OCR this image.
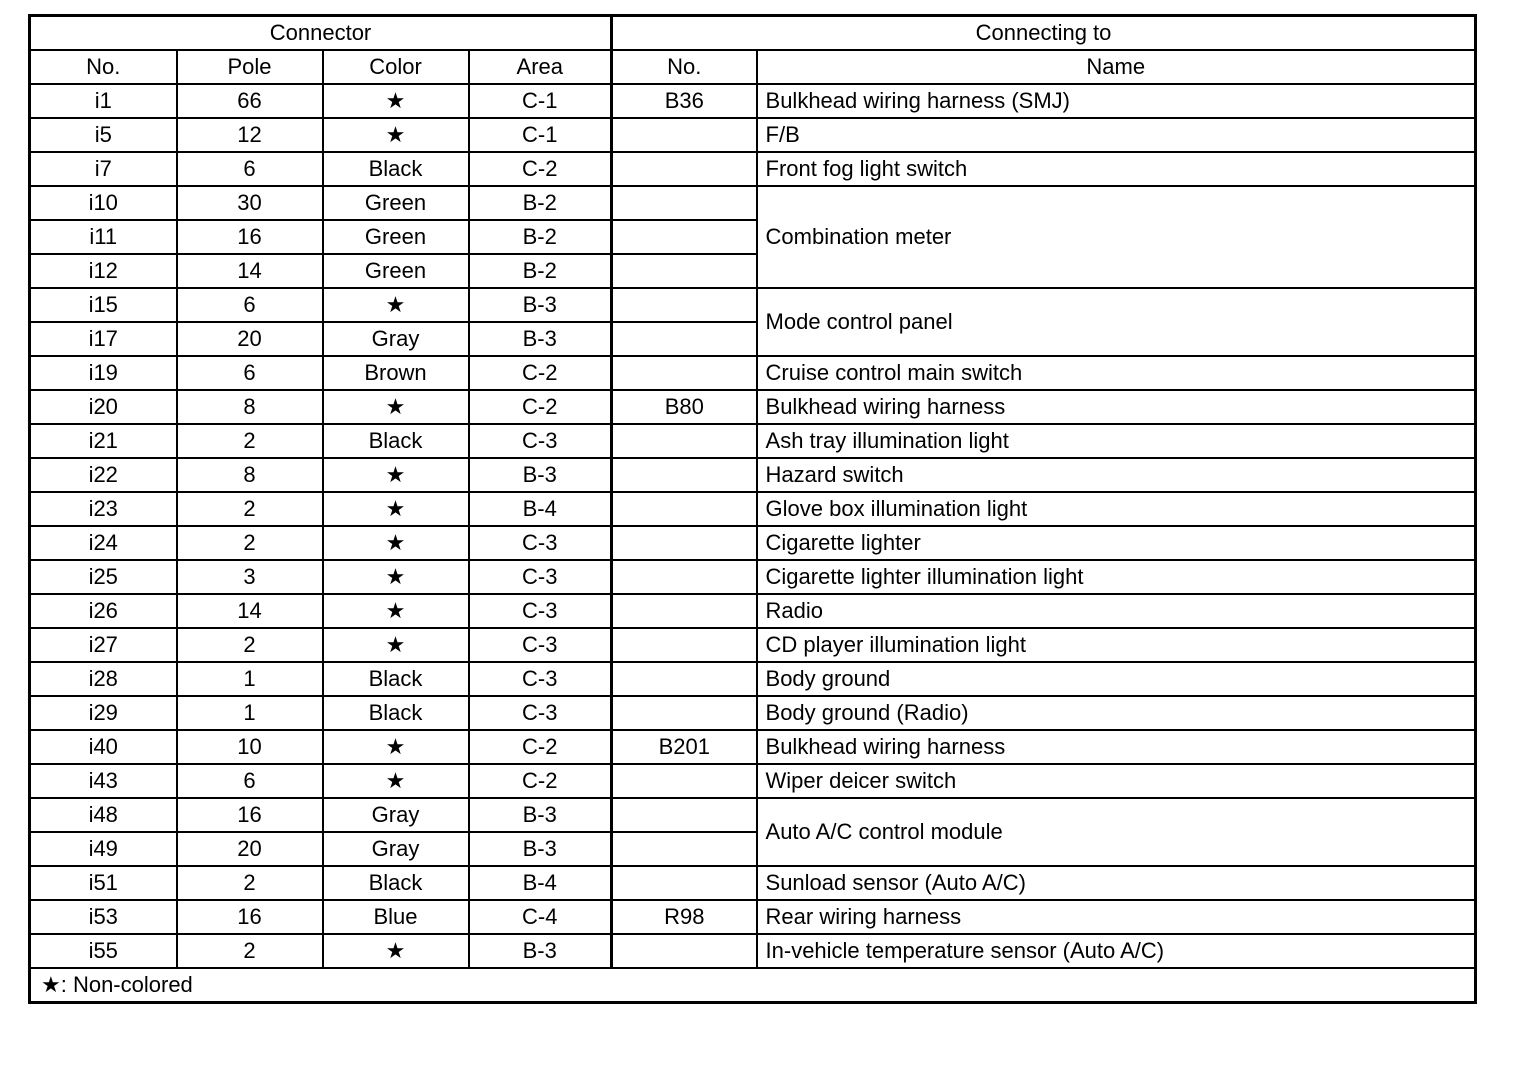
Connector				Connecting to	
No.	Pole	Color	Area	No.	Name
i1	66	★	C-1	B36	Bulkhead wiring harness (SMJ)
i5	12	★	C-1		F/B
i7	6	Black	C-2		Front fog light switch
i10	30	Green	B-2		Combination meter
i11	16	Green	B-2		
i12	14	Green	B-2		
i15	6	★	B-3		Mode control panel
i17	20	Gray	B-3		
i19	6	Brown	C-2		Cruise control main switch
i20	8	★	C-2	B80	Bulkhead wiring harness
i21	2	Black	C-3		Ash tray illumination light
i22	8	★	B-3		Hazard switch
i23	2	★	B-4		Glove box illumination light
i24	2	★	C-3		Cigarette lighter
i25	3	★	C-3		Cigarette lighter illumination light
i26	14	★	C-3		Radio
i27	2	★	C-3		CD player illumination light
i28	1	Black	C-3		Body ground
i29	1	Black	C-3		Body ground (Radio)
i40	10	★	C-2	B201	Bulkhead wiring harness
i43	6	★	C-2		Wiper deicer switch
i48	16	Gray	B-3		Auto A/C control module
i49	20	Gray	B-3		
i51	2	Black	B-4		Sunload sensor (Auto A/C)
i53	16	Blue	C-4	R98	Rear wiring harness
i55	2	★	B-3		In-vehicle temperature sensor (Auto A/C)
★: Non-colored					
